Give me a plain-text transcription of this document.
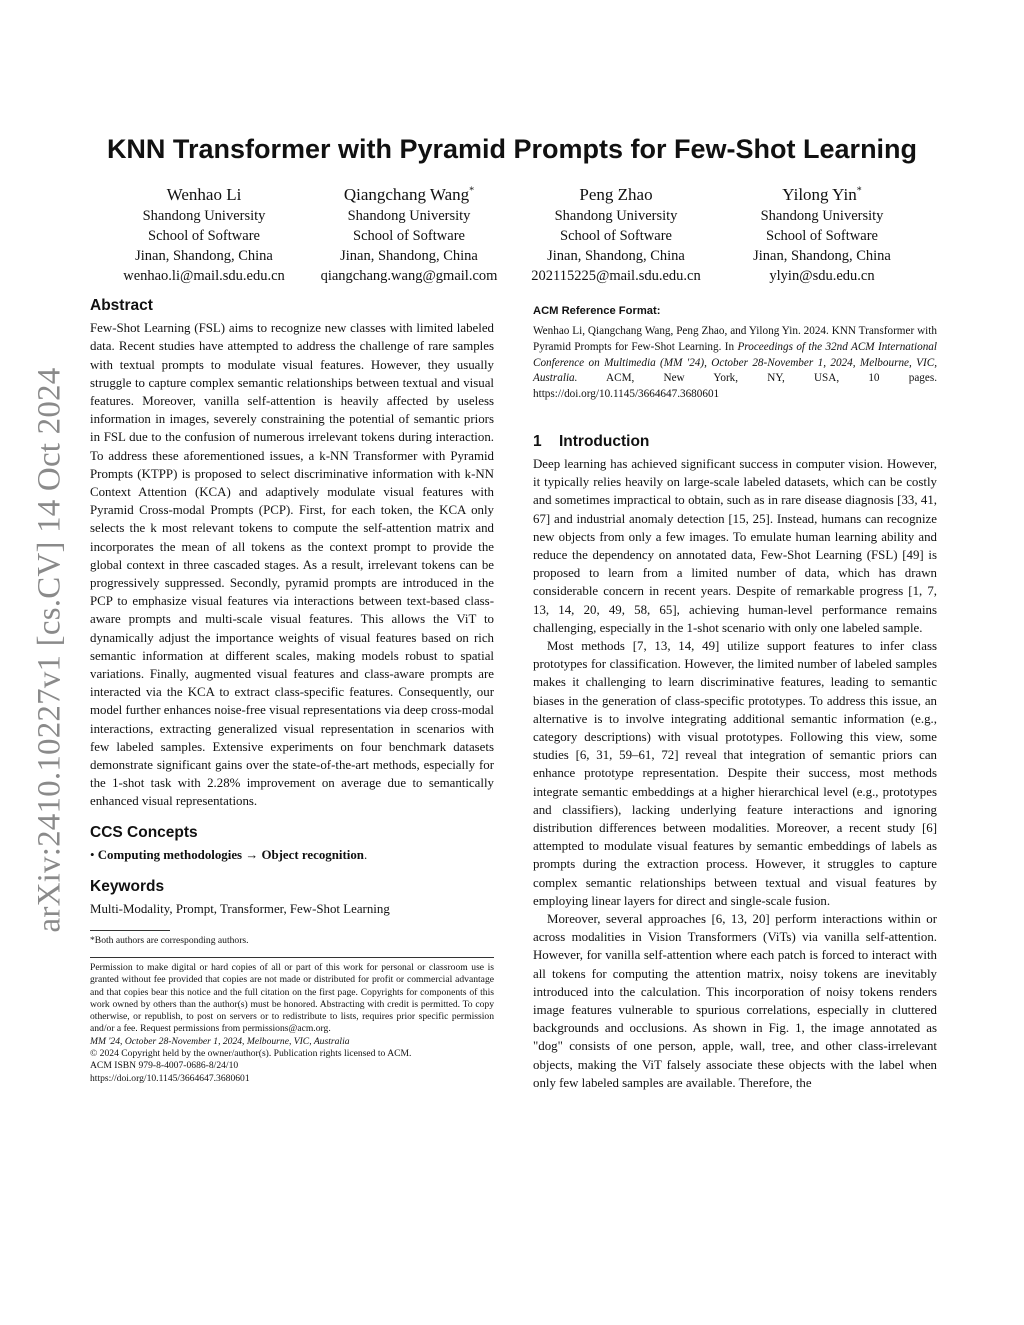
arXiv:2410.10227v1 [cs.CV] 14 Oct 2024
KNN Transformer with Pyramid Prompts for Few-Shot Learning
Wenhao Li
Shandong University
School of Software
Jinan, Shandong, China
wenhao.li@mail.sdu.edu.cn
Qiangchang Wang*
Shandong University
School of Software
Jinan, Shandong, China
qiangchang.wang@gmail.com
Peng Zhao
Shandong University
School of Software
Jinan, Shandong, China
202115225@mail.sdu.edu.cn
Yilong Yin*
Shandong University
School of Software
Jinan, Shandong, China
ylyin@sdu.edu.cn
Abstract

Few-Shot Learning (FSL) aims to recognize new classes with limited labeled data. Recent studies have attempted to address the challenge of rare samples with textual prompts to modulate visual features. However, they usually struggle to capture complex semantic relationships between textual and visual features. Moreover, vanilla self-attention is heavily affected by useless information in images, severely constraining the potential of semantic priors in FSL due to the confusion of numerous irrelevant tokens during interaction. To address these aforementioned issues, a k-NN Transformer with Pyramid Prompts (KTPP) is proposed to select discriminative information with k-NN Context Attention (KCA) and adaptively modulate visual features with Pyramid Cross-modal Prompts (PCP). First, for each token, the KCA only selects the k most relevant tokens to compute the self-attention matrix and incorporates the mean of all tokens as the context prompt to provide the global context in three cascaded stages. As a result, irrelevant tokens can be progressively suppressed. Secondly, pyramid prompts are introduced in the PCP to emphasize visual features via interactions between text-based class-aware prompts and multi-scale visual features. This allows the ViT to dynamically adjust the importance weights of visual features based on rich semantic information at different scales, making models robust to spatial variations. Finally, augmented visual features and class-aware prompts are interacted via the KCA to extract class-specific features. Consequently, our model further enhances noise-free visual representations via deep cross-modal interactions, extracting generalized visual representation in scenarios with few labeled samples. Extensive experiments on four benchmark datasets demonstrate significant gains over the state-of-the-art methods, especially for the 1-shot task with 2.28% improvement on average due to semantically enhanced visual representations.

CCS Concepts

• Computing methodologies → Object recognition.

Keywords

Multi-Modality, Prompt, Transformer, Few-Shot Learning

*Both authors are corresponding authors.

Permission to make digital or hard copies of all or part of this work for personal or classroom use is granted without fee provided that copies are not made or distributed for profit or commercial advantage and that copies bear this notice and the full citation on the first page. Copyrights for components of this work owned by others than the author(s) must be honored. Abstracting with credit is permitted. To copy otherwise, or republish, to post on servers or to redistribute to lists, requires prior specific permission and/or a fee. Request permissions from permissions@acm.org.

MM '24, October 28-November 1, 2024, Melbourne, VIC, Australia

© 2024 Copyright held by the owner/author(s). Publication rights licensed to ACM.

ACM ISBN 979-8-4007-0686-8/24/10

https://doi.org/10.1145/3664647.3680601

ACM Reference Format:

Wenhao Li, Qiangchang Wang, Peng Zhao, and Yilong Yin. 2024. KNN Transformer with Pyramid Prompts for Few-Shot Learning. In Proceedings of the 32nd ACM International Conference on Multimedia (MM '24), October 28-November 1, 2024, Melbourne, VIC, Australia.	ACM, New York, NY, USA, 10 pages. https://doi.org/10.1145/3664647.3680601

1 Introduction

Deep learning has achieved significant success in computer vision. However, it typically relies heavily on large-scale labeled datasets, which can be costly and sometimes impractical to obtain, such as in rare disease diagnosis [33, 41, 67] and industrial anomaly detection [15, 25]. Instead, humans can recognize new objects from only a few images. To emulate human learning ability and reduce the dependency on annotated data, Few-Shot Learning (FSL) [49] is proposed to learn from a limited number of data, which has drawn considerable concern in recent years. Despite of remarkable progress [1, 7, 13, 14, 20, 49, 58, 65], achieving human-level performance remains challenging, especially in the 1-shot scenario with only one labeled sample.

Most methods [7, 13, 14, 49] utilize support features to infer class prototypes for classification. However, the limited number of labeled samples makes it challenging to learn discriminative features, leading to semantic biases in the generation of class-specific prototypes. To address this issue, an alternative is to involve integrating additional semantic information (e.g., category descriptions) with visual prototypes. Following this view, some studies [6, 31, 59–61, 72] reveal that integration of semantic priors can enhance prototype representation. Despite their success, most methods integrate semantic embeddings at a higher hierarchical level (e.g., prototypes and classifiers), lacking underlying feature interactions and ignoring distribution differences between modalities. Moreover, a recent study [6] attempted to modulate visual features by semantic embeddings of labels as prompts during the extraction process. However, it struggles to capture complex semantic relationships between textual and visual features by employing linear layers for direct and single-scale fusion.

Moreover, several approaches [6, 13, 20] perform interactions within or across modalities in Vision Transformers (ViTs) via vanilla self-attention. However, for vanilla self-attention where each patch is forced to interact with all tokens for computing the attention matrix, noisy tokens are inevitably introduced into the calculation. This incorporation of noisy tokens renders image features vulnerable to spurious correlations, especially in cluttered backgrounds and occlusions. As shown in Fig. 1, the image annotated as "dog" consists of one person, apple, wall, tree, and other class-irrelevant objects, making the ViT falsely associate these objects with the label when only few labeled samples are available. Therefore, the
